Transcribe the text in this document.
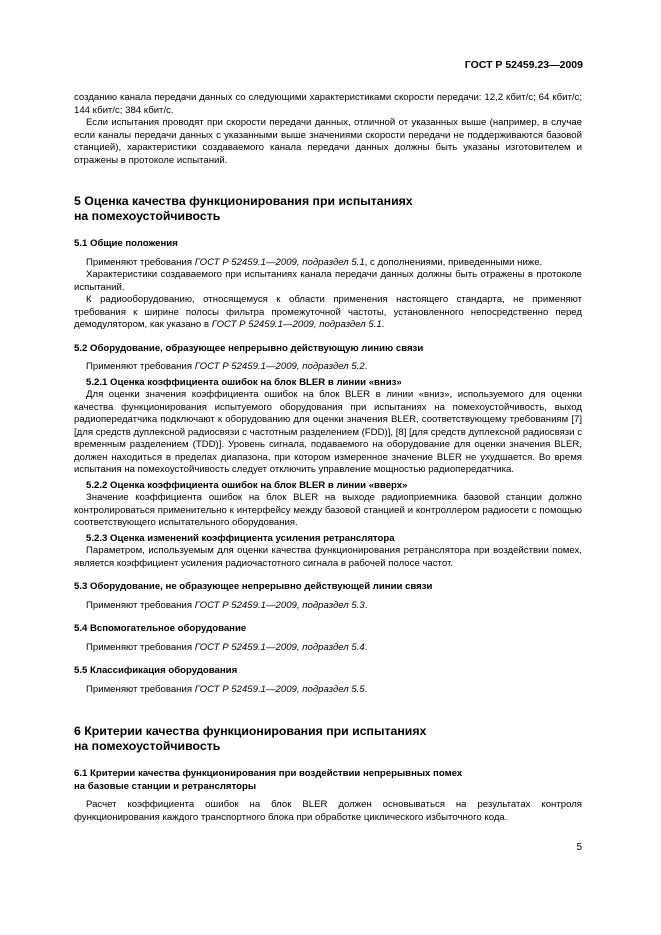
ГОСТ Р 52459.23—2009

созданию канала передачи данных со следующими характеристиками скорости передачи: 12,2 кбит/с; 64 кбит/с; 144 кбит/с; 384 кбит/с.

Если испытания проводят при скорости передачи данных, отличной от указанных выше (например, в случае если каналы передачи данных с указанными выше значениями скорости передачи не поддерживаются базовой станцией), характеристики создаваемого канала передачи данных должны быть указаны изготовителем и отражены в протоколе испытаний.

5 Оценка качества функционирования при испытаниях
на помехоустойчивость
5.1 Общие положения

Применяют требования ГОСТ Р 52459.1—2009, подраздел 5.1, с дополнениями, приведенными ниже.

Характеристики создаваемого при испытаниях канала передачи данных должны быть отражены в протоколе испытаний.

К радиооборудованию, относящемуся к области применения настоящего стандарта, не применяют требования к ширине полосы фильтра промежуточной частоты, установленного непосредственно перед демодулятором, как указано в ГОСТ Р 52459.1—2009, подраздел 5.1.

5.2 Оборудование, образующее непрерывно действующую линию связи

Применяют требования ГОСТ Р 52459.1—2009, подраздел 5.2.

5.2.1 Оценка коэффициента ошибок на блок BLER в линии «вниз»

Для оценки значения коэффициента ошибок на блок BLER в линии «вниз», используемого для оценки качества функционирования испытуемого оборудования при испытаниях на помехоустойчивость, выход радиопередатчика подключают к оборудованию для оценки значения BLER, соответствующему требованиям [7] [для средств дуплексной радиосвязи с частотным разделением (FDD)], [8] [для средств дуплексной радиосвязи с временным разделением (TDD)]. Уровень сигнала, подаваемого на оборудование для оценки значения BLER, должен находиться в пределах диапазона, при котором измеренное значение BLER не ухудшается. Во время испытания на помехоустойчивость следует отключить управление мощностью радиопередатчика.

5.2.2 Оценка коэффициента ошибок на блок BLER в линии «вверх»

Значение коэффициента ошибок на блок BLER на выходе радиоприемника базовой станции должно контролироваться применительно к интерфейсу между базовой станцией и контроллером радиосети с помощью соответствующего испытательного оборудования.

5.2.3 Оценка изменений коэффициента усиления ретранслятора

Параметром, используемым для оценки качества функционирования ретранслятора при воздействии помех, является коэффициент усиления радиочастотного сигнала в рабочей полосе частот.

5.3 Оборудование, не образующее непрерывно действующей линии связи

Применяют требования ГОСТ Р 52459.1—2009, подраздел 5.3.

5.4 Вспомогательное оборудование

Применяют требования ГОСТ Р 52459.1—2009, подраздел 5.4.

5.5 Классификация оборудования

Применяют требования ГОСТ Р 52459.1—2009, подраздел 5.5.

6 Критерии качества функционирования при испытаниях
на помехоустойчивость
6.1 Критерии качества функционирования при воздействии непрерывных помех
на базовые станции и ретрансляторы

Расчет коэффициента ошибок на блок BLER должен основываться на результатах контроля функционирования каждого транспортного блока при обработке циклического избыточного кода.

5
